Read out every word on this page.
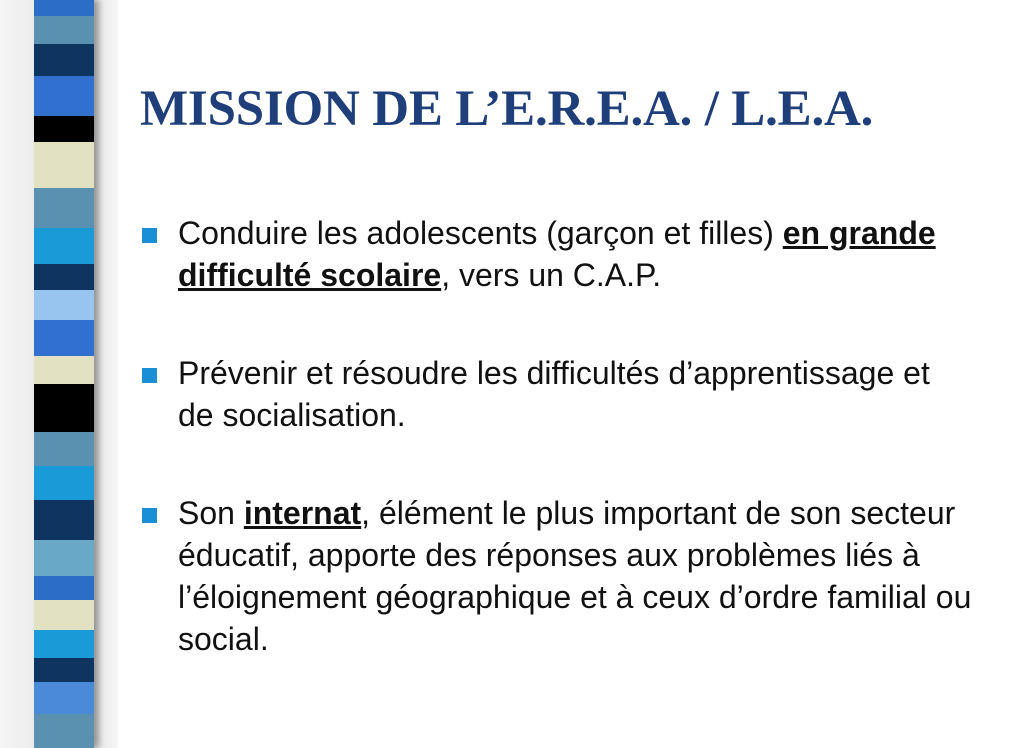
MISSION DE L’E.R.E.A. / L.E.A.
Conduire les adolescents (garçon et filles) en grande difficulté scolaire, vers un C.A.P.
Prévenir et résoudre les difficultés d’apprentissage et de socialisation.
Son internat, élément le plus important de son secteur éducatif, apporte des réponses aux problèmes liés à l’éloignement géographique et à ceux d’ordre familial ou social.
